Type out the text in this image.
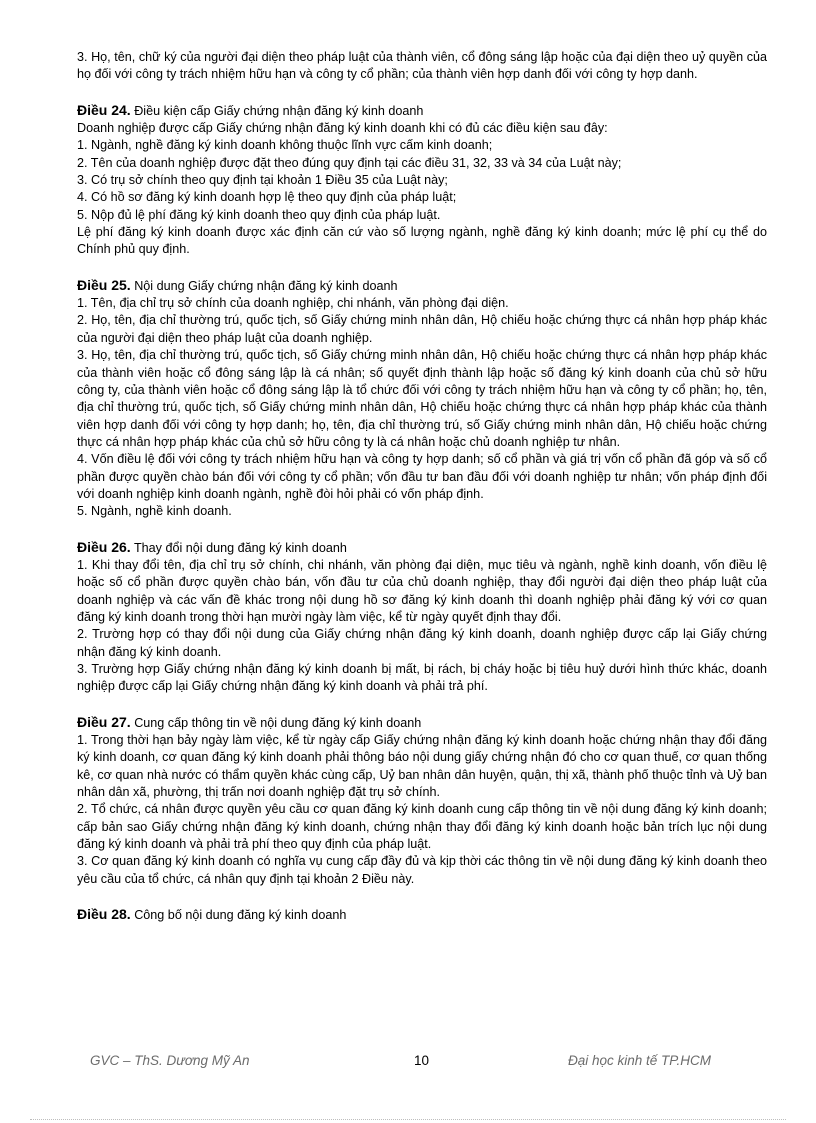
3. Họ, tên, chữ ký của người đại diện theo pháp luật của thành viên, cổ đông sáng lập hoặc của đại diện theo uỷ quyền của họ đối với công ty trách nhiệm hữu hạn và công ty cổ phần; của thành viên hợp danh đối với công ty hợp danh.

Điều 24. Điều kiện cấp Giấy chứng nhận đăng ký kinh doanh

Doanh nghiệp được cấp Giấy chứng nhận đăng ký kinh doanh khi có đủ các điều kiện sau đây:

1. Ngành, nghề đăng ký kinh doanh không thuộc lĩnh vực cấm kinh doanh;

2. Tên của doanh nghiệp được đặt theo đúng quy định tại các điều 31, 32, 33 và 34 của Luật này;

3. Có trụ sở chính theo quy định tại khoản 1 Điều 35 của Luật này;

4. Có hồ sơ đăng ký kinh doanh hợp lệ theo quy định của pháp luật;

5. Nộp đủ lệ phí đăng ký kinh doanh theo quy định của pháp luật.

Lệ phí đăng ký kinh doanh được xác định căn cứ vào số lượng ngành, nghề đăng ký kinh doanh; mức lệ phí cụ thể do Chính phủ quy định.

Điều 25. Nội dung Giấy chứng nhận đăng ký kinh doanh

1. Tên, địa chỉ trụ sở chính của doanh nghiệp, chi nhánh, văn phòng đại diện.

2. Họ, tên, địa chỉ thường trú, quốc tịch, số Giấy chứng minh nhân dân, Hộ chiếu hoặc chứng thực cá nhân hợp pháp khác của người đại diện theo pháp luật của doanh nghiệp.

3. Họ, tên, địa chỉ thường trú, quốc tịch, số Giấy chứng minh nhân dân, Hộ chiếu hoặc chứng thực cá nhân hợp pháp khác của thành viên hoặc cổ đông sáng lập là cá nhân; số quyết định thành lập hoặc số đăng ký kinh doanh của chủ sở hữu công ty, của thành viên hoặc cổ đông sáng lập là tổ chức đối với công ty trách nhiệm hữu hạn và công ty cổ phần; họ, tên, địa chỉ thường trú, quốc tịch, số Giấy chứng minh nhân dân, Hộ chiếu hoặc chứng thực cá nhân hợp pháp khác của thành viên hợp danh đối với công ty hợp danh; họ, tên, địa chỉ thường trú, số Giấy chứng minh nhân dân, Hộ chiếu hoặc chứng thực cá nhân hợp pháp khác của chủ sở hữu công ty là cá nhân hoặc chủ doanh nghiệp tư nhân.

4. Vốn điều lệ đối với công ty trách nhiệm hữu hạn và công ty hợp danh; số cổ phần và giá trị vốn cổ phần đã góp và số cổ phần được quyền chào bán đối với công ty cổ phần; vốn đầu tư ban đầu đối với doanh nghiệp tư nhân; vốn pháp định đối với doanh nghiệp kinh doanh ngành, nghề đòi hỏi phải có vốn pháp định.

5. Ngành, nghề kinh doanh.

Điều 26. Thay đổi nội dung đăng ký kinh doanh

1. Khi thay đổi tên, địa chỉ trụ sở chính, chi nhánh, văn phòng đại diện, mục tiêu và ngành, nghề kinh doanh, vốn điều lệ hoặc số cổ phần được quyền chào bán, vốn đầu tư của chủ doanh nghiệp, thay đổi người đại diện theo pháp luật của doanh nghiệp và các vấn đề khác trong nội dung hồ sơ đăng ký kinh doanh thì doanh nghiệp phải đăng ký với cơ quan đăng ký kinh doanh trong thời hạn mười ngày làm việc, kể từ ngày quyết định thay đổi.

2. Trường hợp có thay đổi nội dung của Giấy chứng nhận đăng ký kinh doanh, doanh nghiệp được cấp lại Giấy chứng nhận đăng ký kinh doanh.

3. Trường hợp Giấy chứng nhận đăng ký kinh doanh bị mất, bị rách, bị cháy hoặc bị tiêu huỷ dưới hình thức khác, doanh nghiệp được cấp lại Giấy chứng nhận đăng ký kinh doanh và phải trả phí.

Điều 27. Cung cấp thông tin về nội dung đăng ký kinh doanh

1. Trong thời hạn bảy ngày làm việc, kể từ ngày cấp Giấy chứng nhận đăng ký kinh doanh hoặc chứng nhận thay đổi đăng ký kinh doanh, cơ quan đăng ký kinh doanh phải thông báo nội dung giấy chứng nhận đó cho cơ quan thuế, cơ quan thống kê, cơ quan nhà nước có thẩm quyền khác cùng cấp, Uỷ ban nhân dân huyện, quận, thị xã, thành phố thuộc tỉnh và Uỷ ban nhân dân xã, phường, thị trấn nơi doanh nghiệp đặt trụ sở chính.

2. Tổ chức, cá nhân được quyền yêu cầu cơ quan đăng ký kinh doanh cung cấp thông tin về nội dung đăng ký kinh doanh; cấp bản sao Giấy chứng nhận đăng ký kinh doanh, chứng nhận thay đổi đăng ký kinh doanh hoặc bản trích lục nội dung đăng ký kinh doanh và phải trả phí theo quy định của pháp luật.

3. Cơ quan đăng ký kinh doanh có nghĩa vụ cung cấp đầy đủ và kịp thời các thông tin về nội dung đăng ký kinh doanh theo yêu cầu của tổ chức, cá nhân quy định tại khoản 2 Điều này.

Điều 28. Công bố nội dung đăng ký kinh doanh

GVC – ThS. Dương Mỹ An	10	Đại học kinh tế TP.HCM
